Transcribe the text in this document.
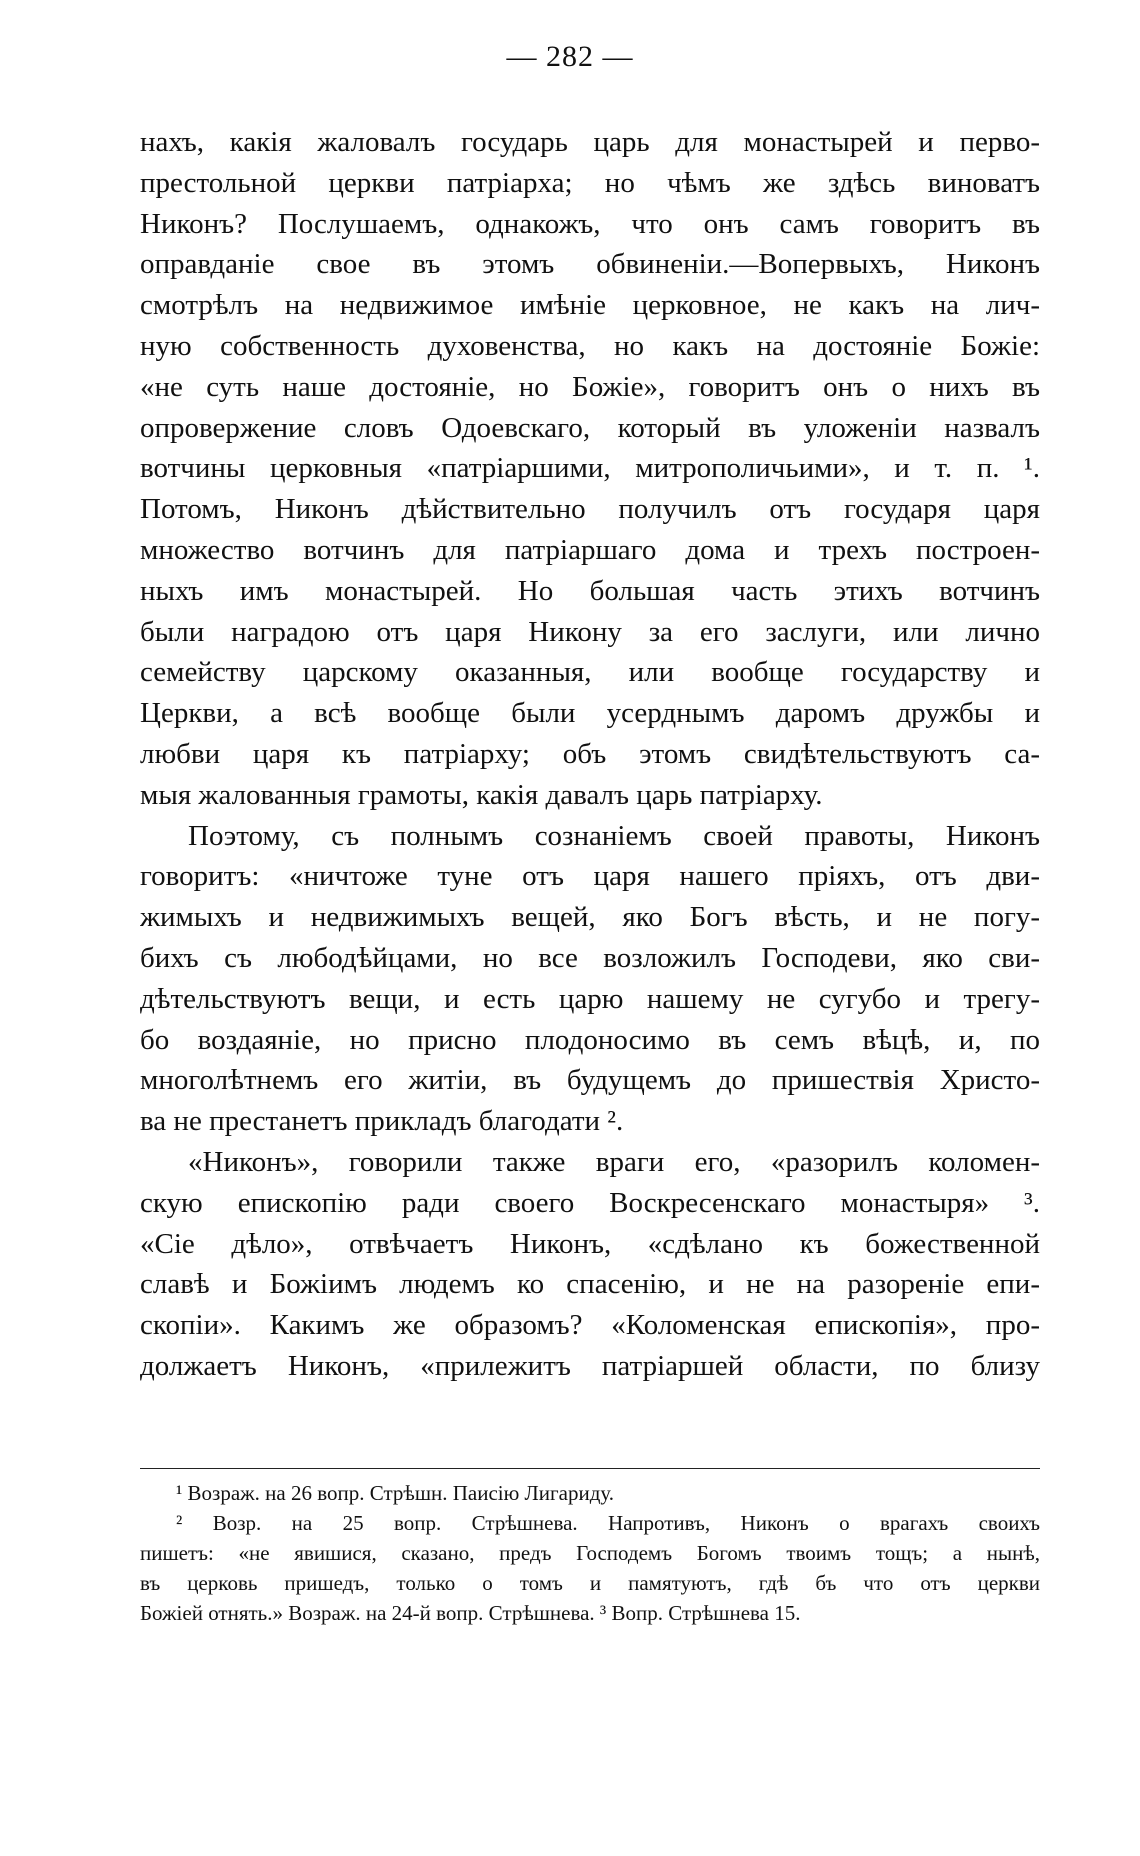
— 282 —
нахъ, какія жаловалъ государь царь для монастырей и перво-
престольной церкви патріарха; но чѣмъ же здѣсь виноватъ
Никонъ? Послушаемъ, однакожъ, что онъ самъ говоритъ въ
оправданіе свое въ этомъ обвиненіи.—Вопервыхъ, Никонъ
смотрѣлъ на недвижимое имѣніе церковное, не какъ на лич-
ную собственность духовенства, но какъ на достояніе Божіе:
«не суть наше достояніе, но Божіе», говоритъ онъ о нихъ въ
опровержение словъ Одоевскаго, который въ уложеніи назвалъ
вотчины церковныя «патріаршими, митрополичьими», и т. п. ¹.
Потомъ, Никонъ дѣйствительно получилъ отъ государя царя
множество вотчинъ для патріаршаго дома и трехъ построен-
ныхъ имъ монастырей. Но большая часть этихъ вотчинъ
были наградою отъ царя Никону за его заслуги, или лично
семейству царскому оказанныя, или вообще государству и
Церкви, а всѣ вообще были усерднымъ даромъ дружбы и
любви царя къ патріарху; объ этомъ свидѣтельствуютъ са-
мыя жалованныя грамоты, какія давалъ царь патріарху.
Поэтому, съ полнымъ сознаніемъ своей правоты, Никонъ
говоритъ: «ничтоже туне отъ царя нашего пріяхъ, отъ дви-
жимыхъ и недвижимыхъ вещей, яко Богъ вѣсть, и не погу-
бихъ съ любодѣйцами, но все возложилъ Господеви, яко сви-
дѣтельствуютъ вещи, и есть царю нашему не сугубо и трегу-
бо воздаяніе, но присно плодоносимо въ семъ вѣцѣ, и, по
многолѣтнемъ его житіи, въ будущемъ до пришествія Христо-
ва не престанетъ прикладъ благодати ².
«Никонъ», говорили также враги его, «разорилъ коломен-
скую епископію ради своего Воскресенскаго монастыря» ³.
«Сіе дѣло», отвѣчаетъ Никонъ, «сдѣлано къ божественной
славѣ и Божіимъ людемъ ко спасенію, и не на разореніе епи-
скопіи». Какимъ же образомъ? «Коломенская епископія», про-
должаетъ Никонъ, «прилежитъ патріаршей области, по близу
¹ Возраж. на 26 вопр. Стрѣшн. Паисію Лигариду.
² Возр. на 25 вопр. Стрѣшнева. Напротивъ, Никонъ о врагахъ своихъ
пишетъ: «не явишися, сказано, предъ Господемъ Богомъ твоимъ тощъ; а нынѣ,
въ церковь пришедъ, только о томъ и памятуютъ, гдѣ бъ что отъ церкви
Божіей отнять.» Возраж. на 24-й вопр. Стрѣшнева. ³ Вопр. Стрѣшнева 15.
